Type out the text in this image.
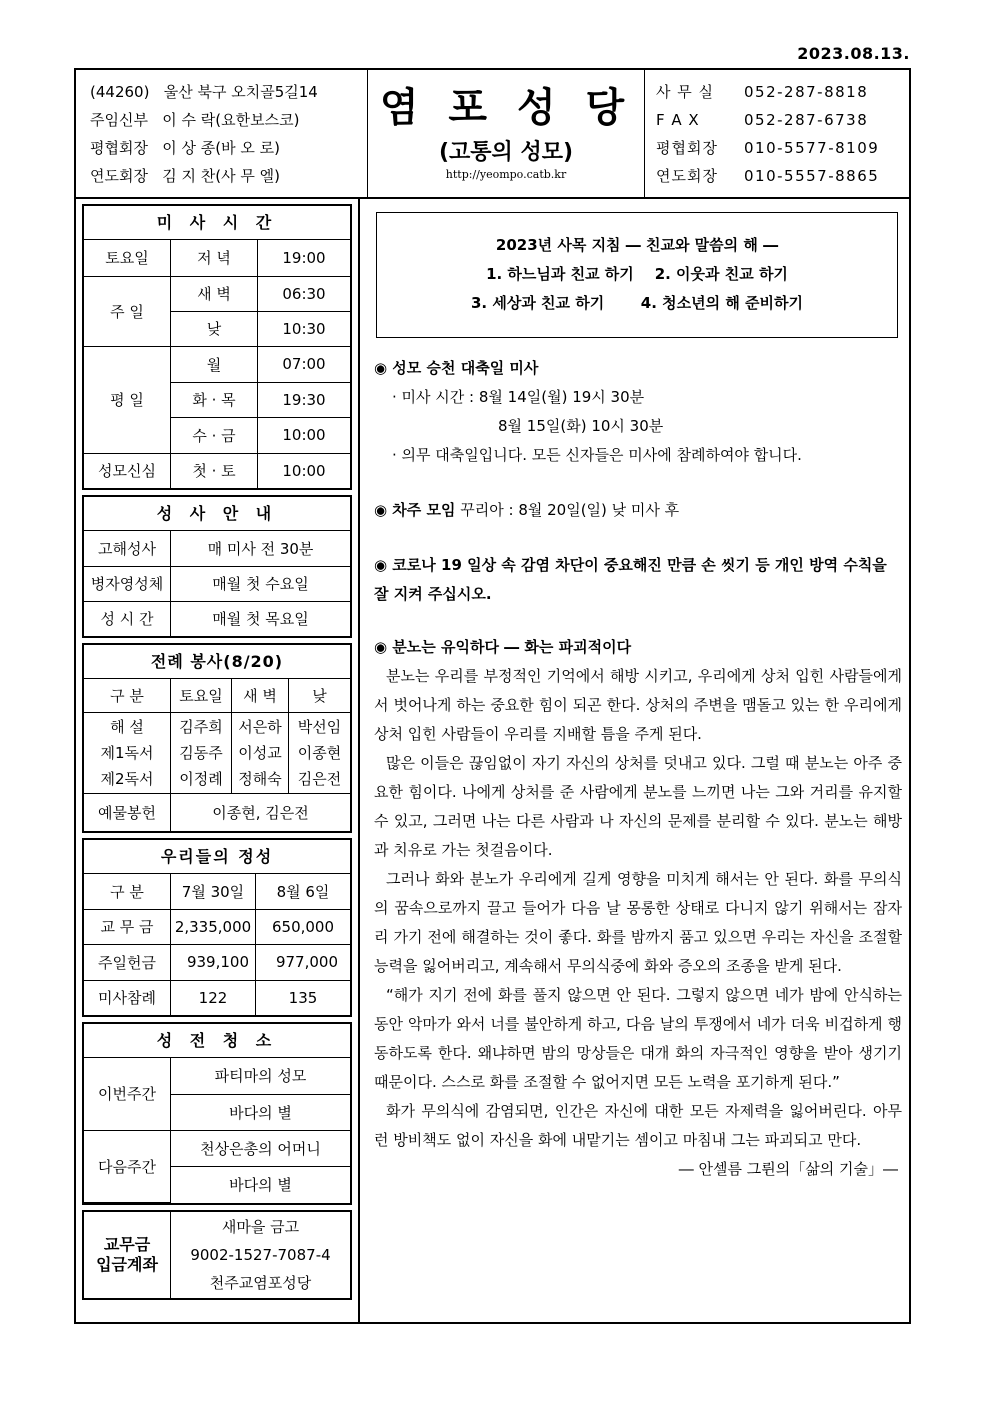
2023.08.13.
(44260) 울산 북구 오치골5길14
주임신부 이 수 락(요한보스코)
평협회장 이 상 종(바 오 로)
연도회장 김 지 찬(사 무 엘)
염 포 성 당
(고통의 성모)
http://yeompo.catb.kr
사 무 실	052-287-8818
F A X	052-287-6738
평협회장	010-5577-8109
연도회장	010-5557-8865
미 사 시 간
토요일	저 녁	19:00
주 일	새 벽	06:30
	낮	10:30
평 일	월	07:00
	화 · 목	19:30
	수 · 금	10:00
성모신심	첫 · 토	10:00
성 사 안 내
고해성사	매 미사 전 30분
병자영성체	매월 첫 수요일
성 시 간	매월 첫 목요일
전례 봉사(8/20)
구 분	토요일	새 벽	낮
해 설	김주희	서은하	박선임
제1독서	김동주	이성교	이종현
제2독서	이정례	정해숙	김은전
예물봉헌	이종현, 김은전		
우리들의 정성
구 분	7월 30일	8월 6일
교 무 금	2,335,000	650,000
주일헌금	939,100	977,000
미사참례	122	135
성 전 청 소
이번주간	파티마의 성모
	바다의 별
다음주간	천상은총의 어머니
	바다의 별
교무금
입금계좌

새마을 금고
9002-1527-7087-4
천주교염포성당
2023년 사목 지침 ― 친교와 말씀의 해 ―
1. 하느님과 친교 하기 2. 이웃과 친교 하기
3. 세상과 친교 하기 4. 청소년의 해 준비하기
◉ 성모 승천 대축일 미사
· 미사 시간 : 8월 14일(월) 19시 30분
8월 15일(화) 10시 30분
· 의무 대축일입니다. 모든 신자들은 미사에 참례하여야 합니다.
◉ 차주 모임 꾸리아 : 8월 20일(일) 낮 미사 후
◉ 코로나 19 일상 속 감염 차단이 중요해진 만큼 손 씻기 등 개인 방역 수칙을 잘 지켜 주십시오.
◉ 분노는 유익하다 ― 화는 파괴적이다
분노는 우리를 부정적인 기억에서 해방 시키고, 우리에게 상처 입힌 사람들에게서 벗어나게 하는 중요한 힘이 되곤 한다. 상처의 주변을 맴돌고 있는 한 우리에게 상처 입힌 사람들이 우리를 지배할 틈을 주게 된다.
많은 이들은 끊임없이 자기 자신의 상처를 덧내고 있다. 그럴 때 분노는 아주 중요한 힘이다. 나에게 상처를 준 사람에게 분노를 느끼면 나는 그와 거리를 유지할 수 있고, 그러면 나는 다른 사람과 나 자신의 문제를 분리할 수 있다. 분노는 해방과 치유로 가는 첫걸음이다.
그러나 화와 분노가 우리에게 길게 영향을 미치게 해서는 안 된다. 화를 무의식의 꿈속으로까지 끌고 들어가 다음 날 몽롱한 상태로 다니지 않기 위해서는 잠자리 가기 전에 해결하는 것이 좋다. 화를 밤까지 품고 있으면 우리는 자신을 조절할 능력을 잃어버리고, 계속해서 무의식중에 화와 증오의 조종을 받게 된다.
“해가 지기 전에 화를 풀지 않으면 안 된다. 그렇지 않으면 네가 밤에 안식하는 동안 악마가 와서 너를 불안하게 하고, 다음 날의 투쟁에서 네가 더욱 비겁하게 행동하도록 한다. 왜냐하면 밤의 망상들은 대개 화의 자극적인 영향을 받아 생기기 때문이다. 스스로 화를 조절할 수 없어지면 모든 노력을 포기하게 된다.”
화가 무의식에 감염되면, 인간은 자신에 대한 모든 자제력을 잃어버린다. 아무런 방비책도 없이 자신을 화에 내맡기는 셈이고 마침내 그는 파괴되고 만다.
― 안셀름 그륀의「삶의 기술」―
